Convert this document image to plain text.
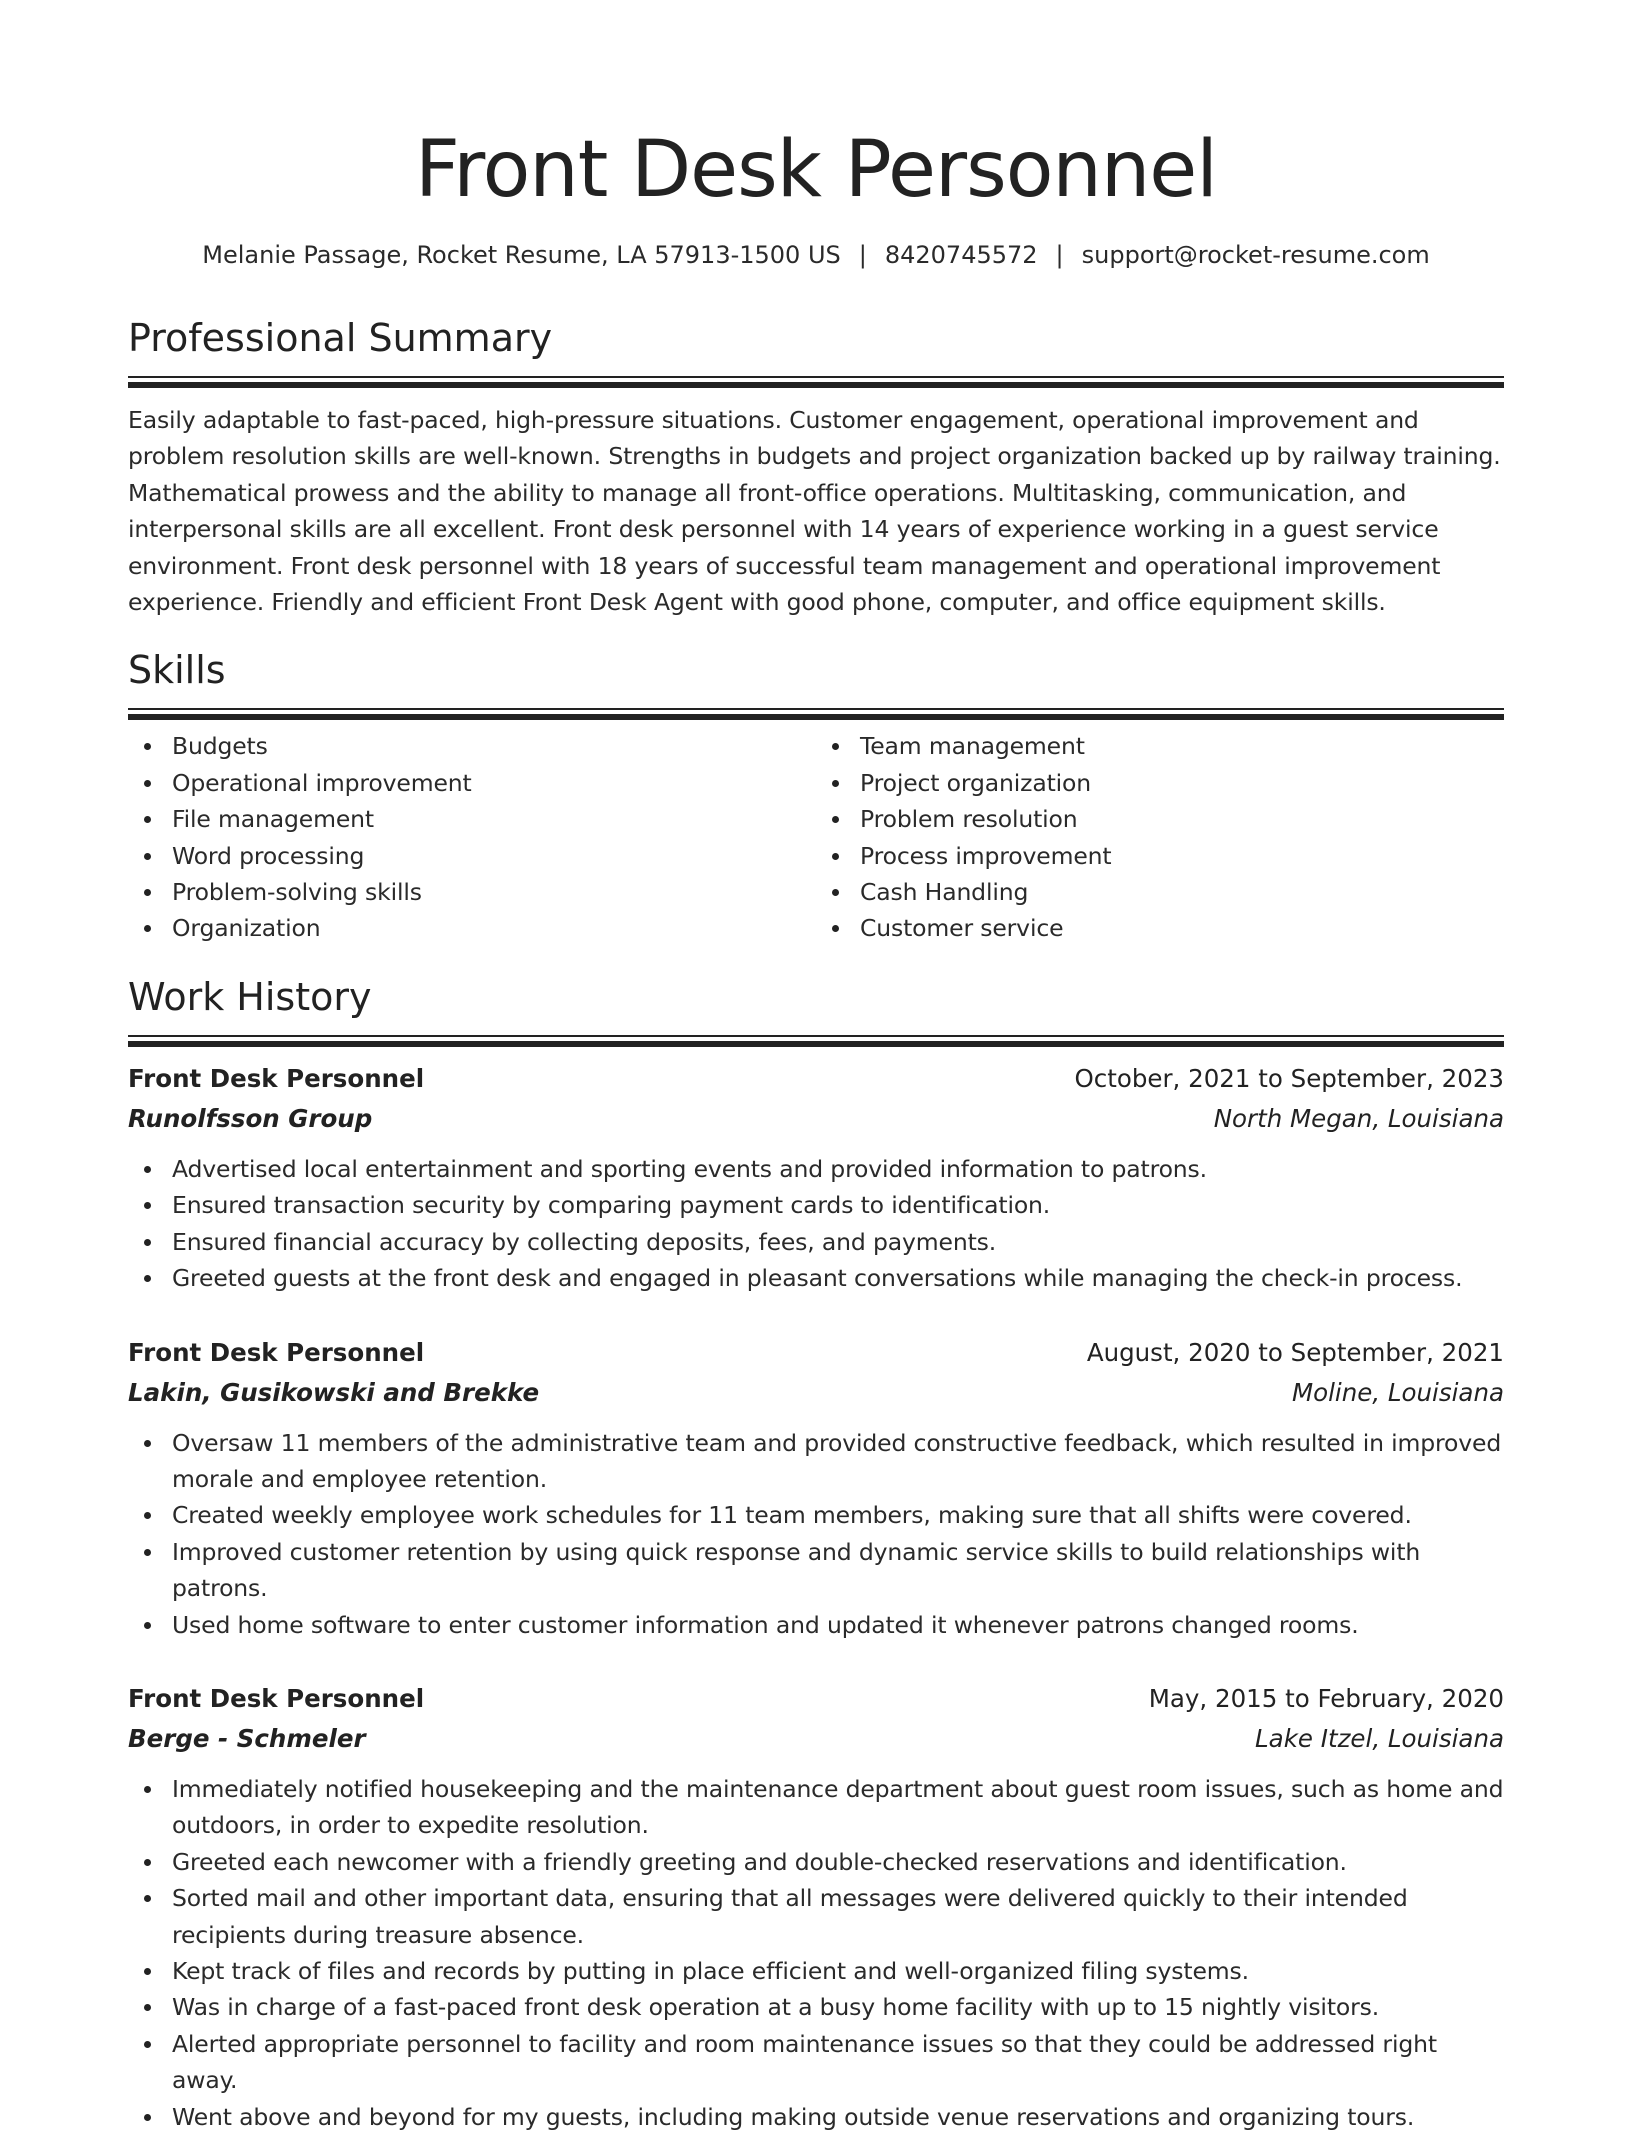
Front Desk Personnel
Melanie Passage, Rocket Resume, LA 57913-1500 US | 8420745572 | support@rocket-resume.com
Professional Summary

Easily adaptable to fast-paced, high-pressure situations. Customer engagement, operational improvement and problem resolution skills are well-known. Strengths in budgets and project organization backed up by railway training. Mathematical prowess and the ability to manage all front-office operations. Multitasking, communication, and interpersonal skills are all excellent. Front desk personnel with 14 years of experience working in a guest service environment. Front desk personnel with 18 years of successful team management and operational improvement experience. Friendly and efficient Front Desk Agent with good phone, computer, and office equipment skills.

Skills
Budgets
Operational improvement
File management
Word processing
Problem-solving skills
Organization
Team management
Project organization
Problem resolution
Process improvement
Cash Handling
Customer service
Work History
Front Desk Personnel	October, 2021 to September, 2023
Runolfsson Group	North Megan, Louisiana
Advertised local entertainment and sporting events and provided information to patrons.
Ensured transaction security by comparing payment cards to identification.
Ensured financial accuracy by collecting deposits, fees, and payments.
Greeted guests at the front desk and engaged in pleasant conversations while managing the check-in process.
Front Desk Personnel	August, 2020 to September, 2021
Lakin, Gusikowski and Brekke	Moline, Louisiana
Oversaw 11 members of the administrative team and provided constructive feedback, which resulted in improved morale and employee retention.
Created weekly employee work schedules for 11 team members, making sure that all shifts were covered.
Improved customer retention by using quick response and dynamic service skills to build relationships with patrons.
Used home software to enter customer information and updated it whenever patrons changed rooms.
Front Desk Personnel	May, 2015 to February, 2020
Berge - Schmeler	Lake Itzel, Louisiana
Immediately notified housekeeping and the maintenance department about guest room issues, such as home and outdoors, in order to expedite resolution.
Greeted each newcomer with a friendly greeting and double-checked reservations and identification.
Sorted mail and other important data, ensuring that all messages were delivered quickly to their intended recipients during treasure absence.
Kept track of files and records by putting in place efficient and well-organized filing systems.
Was in charge of a fast-paced front desk operation at a busy home facility with up to 15 nightly visitors.
Alerted appropriate personnel to facility and room maintenance issues so that they could be addressed right away.
Went above and beyond for my guests, including making outside venue reservations and organizing tours.
